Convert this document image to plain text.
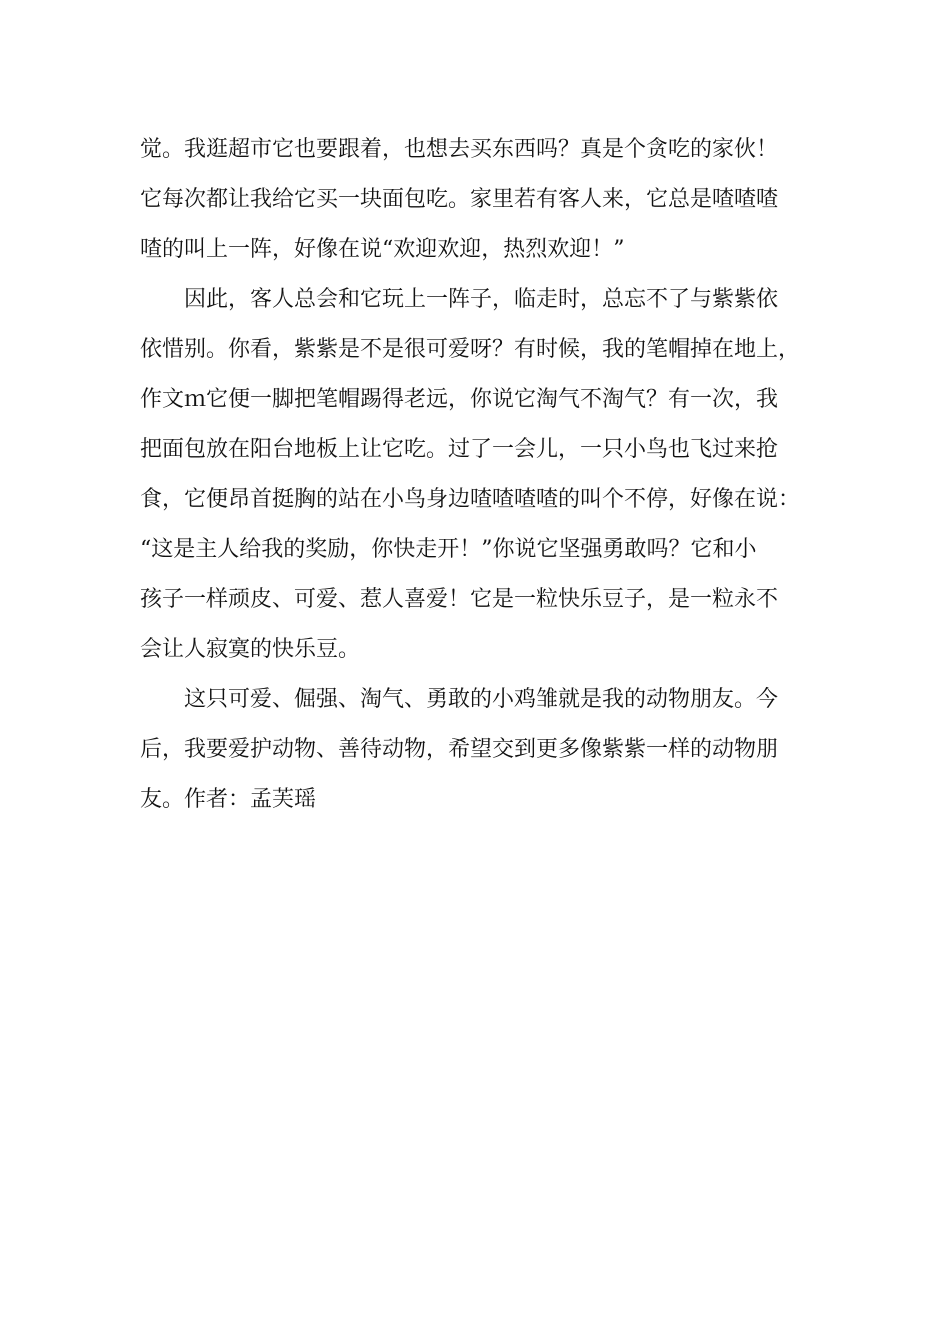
觉。我逛超市它也要跟着，也想去买东西吗？真是个贪吃的家伙！
它每次都让我给它买一块面包吃。家里若有客人来，它总是喳喳喳
喳的叫上一阵，好像在说“欢迎欢迎，热烈欢迎！”
因此，客人总会和它玩上一阵子，临走时，总忘不了与紫紫依
依惜别。你看，紫紫是不是很可爱呀？有时候，我的笔帽掉在地上，
作文ｍ它便一脚把笔帽踢得老远，你说它淘气不淘气？有一次，我
把面包放在阳台地板上让它吃。过了一会儿，一只小鸟也飞过来抢
食，它便昂首挺胸的站在小鸟身边喳喳喳喳的叫个不停，好像在说：
“这是主人给我的奖励，你快走开！”你说它坚强勇敢吗？它和小
孩子一样顽皮、可爱、惹人喜爱！它是一粒快乐豆子，是一粒永不
会让人寂寞的快乐豆。
这只可爱、倔强、淘气、勇敢的小鸡雏就是我的动物朋友。今
后，我要爱护动物、善待动物，希望交到更多像紫紫一样的动物朋
友。作者：孟芙瑶
